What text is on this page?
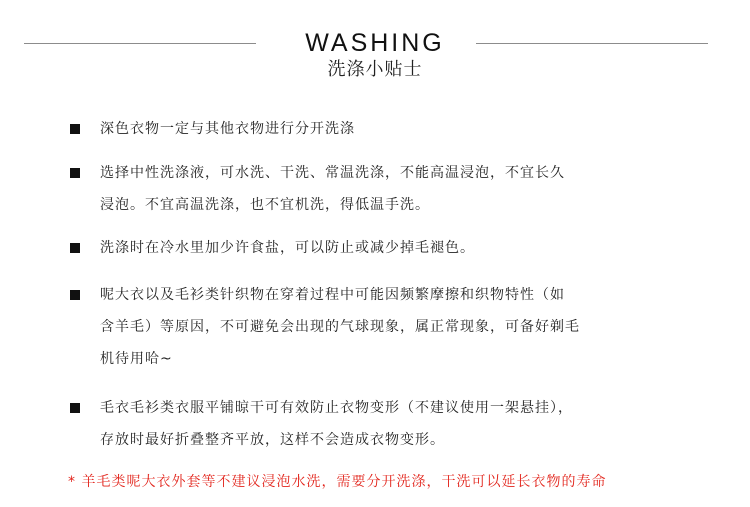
WASHING
洗涤小贴士
深色衣物一定与其他衣物进行分开洗涤
选择中性洗涤液，可水洗、干洗、常温洗涤，不能高温浸泡，不宜长久
浸泡。不宜高温洗涤，也不宜机洗，得低温手洗。
洗涤时在冷水里加少许食盐，可以防止或减少掉毛褪色。
呢大衣以及毛衫类针织物在穿着过程中可能因频繁摩擦和织物特性（如
含羊毛）等原因，不可避免会出现的气球现象，属正常现象，可备好剃毛
机待用哈~
毛衣毛衫类衣服平铺晾干可有效防止衣物变形（不建议使用一架悬挂），
存放时最好折叠整齐平放，这样不会造成衣物变形。
* 羊毛类呢大衣外套等不建议浸泡水洗，需要分开洗涤，干洗可以延长衣物的寿命
